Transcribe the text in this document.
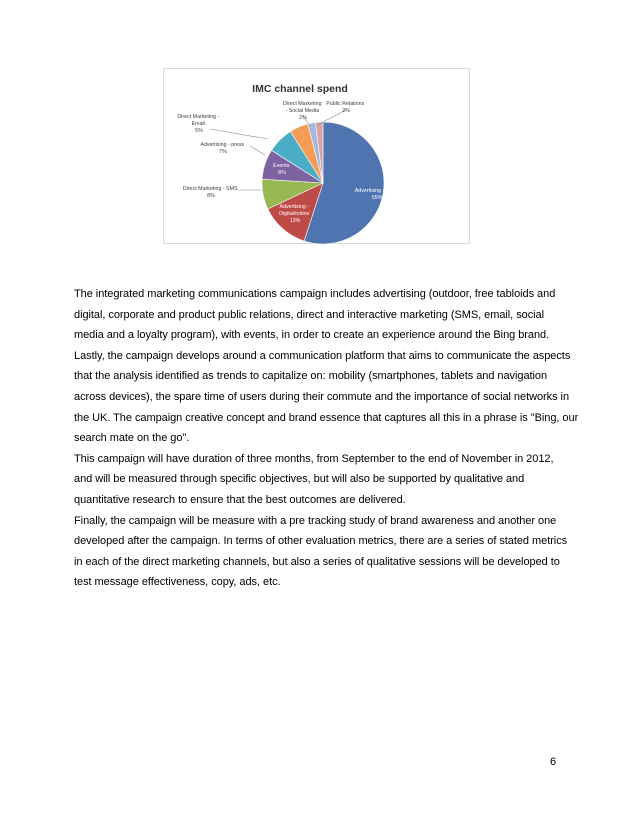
IMC channel spend
Advertising - OOH 55%
Advertising - Digital/online 13%
Direct Marketing - SMS 8%
Events 8%
Advertising - press 7%
Direct Marketing - Email 5%
Direct Marketing - Social Media 2%
Public Relations 2%

The integrated marketing communications campaign includes advertising (outdoor, free tabloids and

digital, corporate and product public relations, direct and interactive marketing (SMS, email, social

media and a loyalty program), with events, in order to create an experience around the Bing brand.

Lastly, the campaign develops around a communication platform that aims to communicate the aspects

that the analysis identified as trends to capitalize on: mobility (smartphones, tablets and navigation

across devices), the spare time of users during their commute and the importance of social networks in

the UK. The campaign creative concept and brand essence that captures all this in a phrase is "Bing, our

search mate on the go".

This campaign will have duration of three months, from September to the end of November in 2012,

and will be measured through specific objectives, but will also be supported by qualitative and

quantitative research to ensure that the best outcomes are delivered.

Finally, the campaign will be measure with a pre tracking study of brand awareness and another one

developed after the campaign. In terms of other evaluation metrics, there are a series of stated metrics

in each of the direct marketing channels, but also a series of qualitative sessions will be developed to

test message effectiveness, copy, ads, etc.

6
